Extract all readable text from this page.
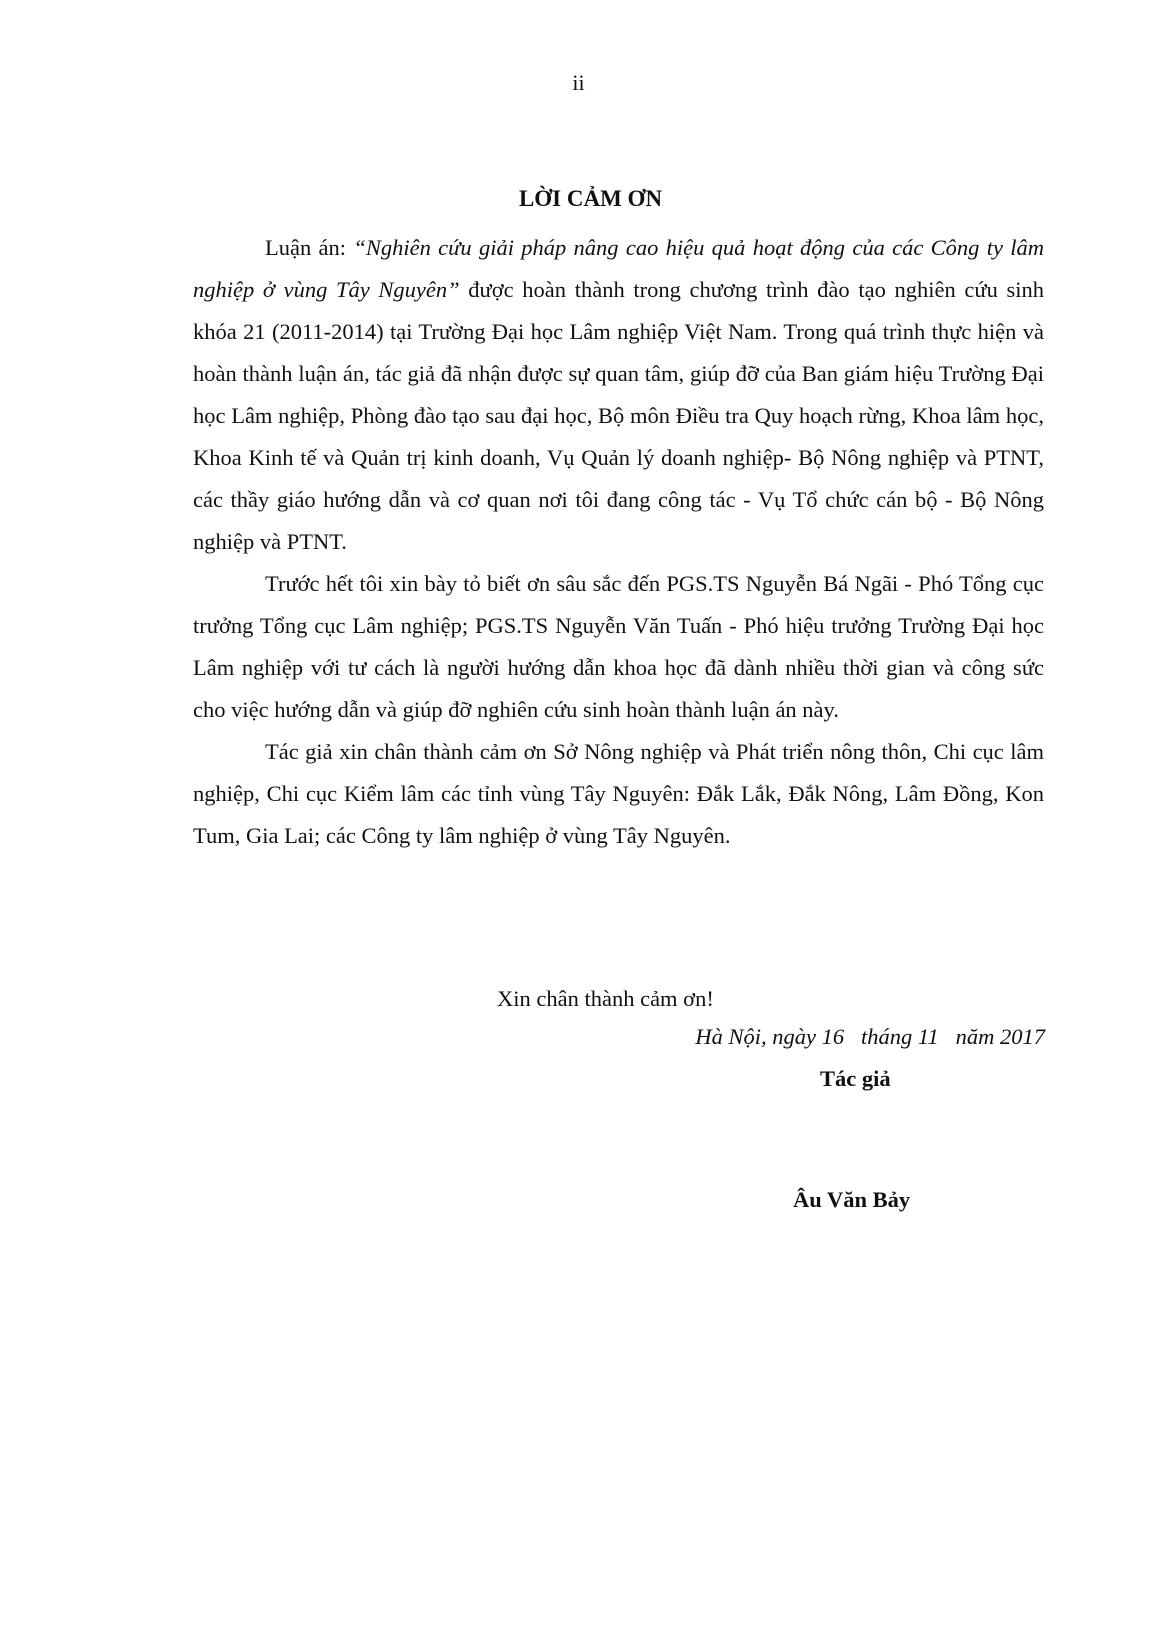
ii
LỜI CẢM ƠN

Luận án: “Nghiên cứu giải pháp nâng cao hiệu quả hoạt động của các Công ty lâm nghiệp ở vùng Tây Nguyên” được hoàn thành trong chương trình đào tạo nghiên cứu sinh khóa 21 (2011-2014) tại Trường Đại học Lâm nghiệp Việt Nam. Trong quá trình thực hiện và hoàn thành luận án, tác giả đã nhận được sự quan tâm, giúp đỡ của Ban giám hiệu Trường Đại học Lâm nghiệp, Phòng đào tạo sau đại học, Bộ môn Điều tra Quy hoạch rừng, Khoa lâm học, Khoa Kinh tế và Quản trị kinh doanh, Vụ Quản lý doanh nghiệp- Bộ Nông nghiệp và PTNT, các thầy giáo hướng dẫn và cơ quan nơi tôi đang công tác - Vụ Tổ chức cán bộ - Bộ Nông nghiệp và PTNT.

Trước hết tôi xin bày tỏ biết ơn sâu sắc đến PGS.TS Nguyễn Bá Ngãi - Phó Tổng cục trưởng Tổng cục Lâm nghiệp; PGS.TS Nguyễn Văn Tuấn - Phó hiệu trưởng Trường Đại học Lâm nghiệp với tư cách là người hướng dẫn khoa học đã dành nhiều thời gian và công sức cho việc hướng dẫn và giúp đỡ nghiên cứu sinh hoàn thành luận án này.

Tác giả xin chân thành cảm ơn Sở Nông nghiệp và Phát triển nông thôn, Chi cục lâm nghiệp, Chi cục Kiểm lâm các tỉnh vùng Tây Nguyên: Đắk Lắk, Đắk Nông, Lâm Đồng, Kon Tum, Gia Lai; các Công ty lâm nghiệp ở vùng Tây Nguyên.

Xin chân thành cảm ơn!
Hà Nội, ngày 16   tháng 11   năm 2017
Tác giả
Âu Văn Bảy
